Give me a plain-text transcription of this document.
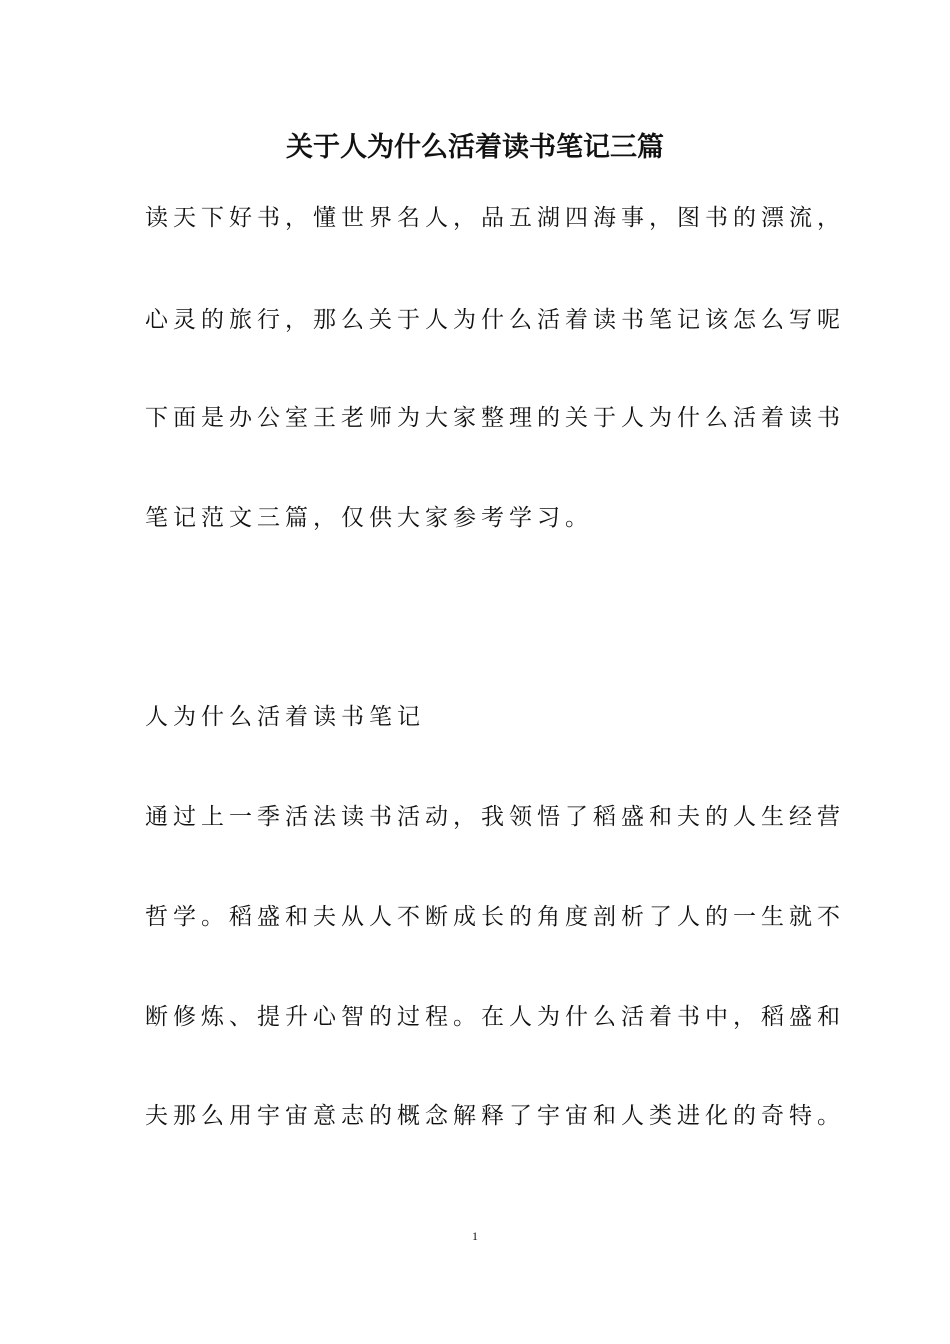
关于人为什么活着读书笔记三篇
读天下好书，懂世界名人，品五湖四海事，图书的漂流，
心灵的旅行，那么关于人为什么活着读书笔记该怎么写呢
下面是办公室王老师为大家整理的关于人为什么活着读书
笔记范文三篇，仅供大家参考学习。
人为什么活着读书笔记
通过上一季活法读书活动，我领悟了稻盛和夫的人生经营
哲学。稻盛和夫从人不断成长的角度剖析了人的一生就不
断修炼、提升心智的过程。在人为什么活着书中，稻盛和
夫那么用宇宙意志的概念解释了宇宙和人类进化的奇特。
1
